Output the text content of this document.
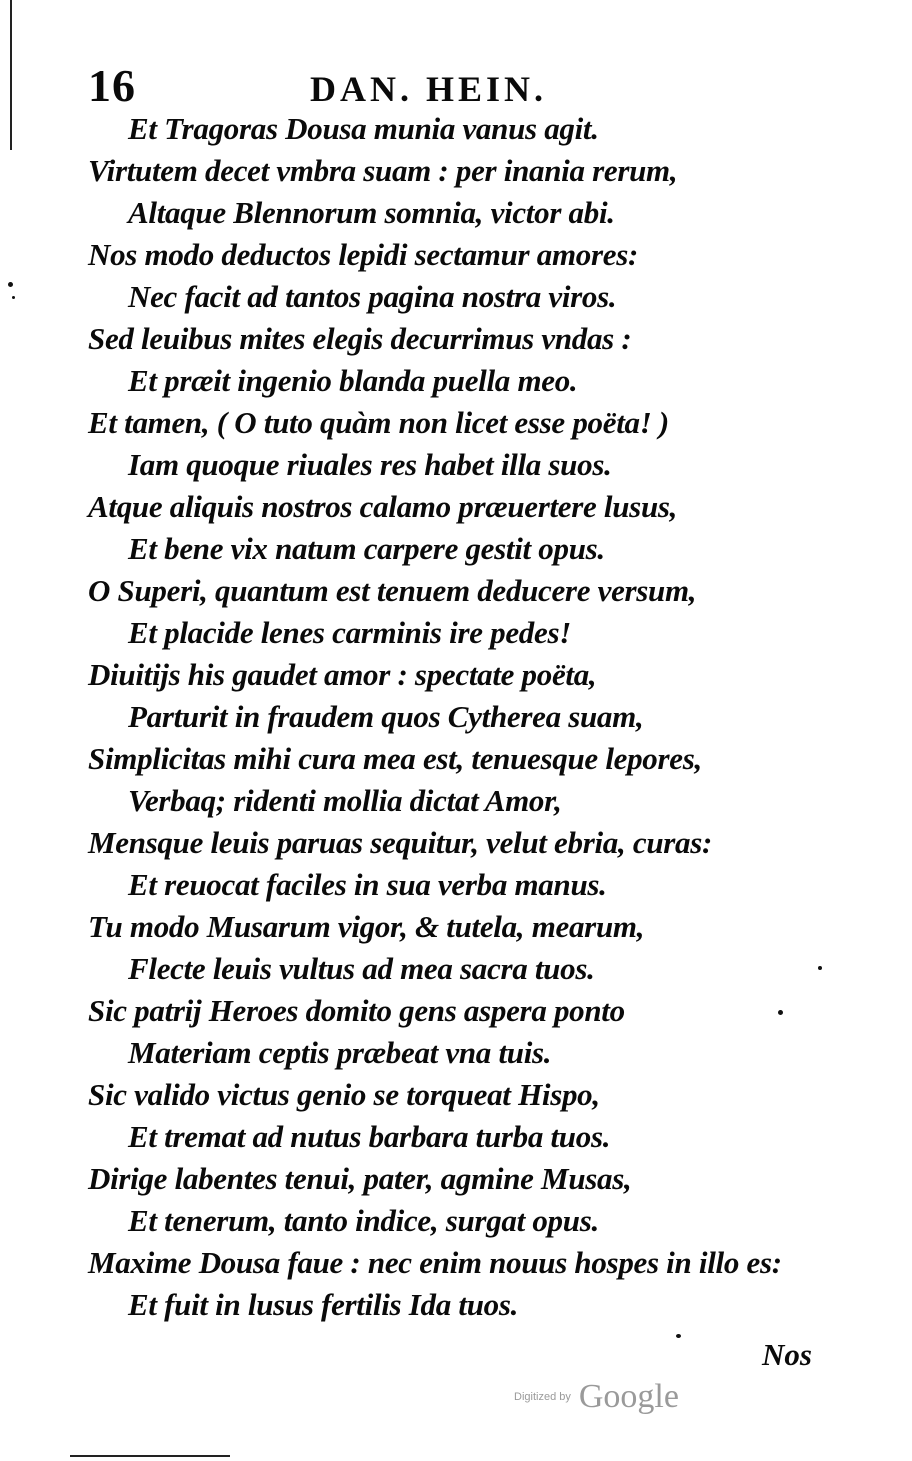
16	DAN. HEIN.
Et Tragoras Dousa munia vanus agit.
Virtutem decet vmbra suam : per inania rerum,
Altaque Blennorum somnia, victor abi.
Nos modo deductos lepidi sectamur amores:
Nec facit ad tantos pagina nostra viros.
Sed leuibus mites elegis decurrimus vndas :
Et præit ingenio blanda puella meo.
Et tamen, ( O tuto quàm non licet esse poëta! )
Iam quoque riuales res habet illa suos.
Atque aliquis nostros calamo præuertere lusus,
Et bene vix natum carpere gestit opus.
O Superi, quantum est tenuem deducere versum,
Et placide lenes carminis ire pedes!
Diuitijs his gaudet amor : spectate poëta,
Parturit in fraudem quos Cytherea suam,
Simplicitas mihi cura mea est, tenuesque lepores,
Verbaq; ridenti mollia dictat Amor,
Mensque leuis paruas sequitur, velut ebria, curas:
Et reuocat faciles in sua verba manus.
Tu modo Musarum vigor, & tutela, mearum,
Flecte leuis vultus ad mea sacra tuos.
Sic patrij Heroes domito gens aspera ponto
Materiam ceptis præbeat vna tuis.
Sic valido victus genio se torqueat Hispo,
Et tremat ad nutus barbara turba tuos.
Dirige labentes tenui, pater, agmine Musas,
Et tenerum, tanto indice, surgat opus.
Maxime Dousa faue : nec enim nouus hospes in illo es:
Et fuit in lusus fertilis Ida tuos.
Nos
Digitized by Google
